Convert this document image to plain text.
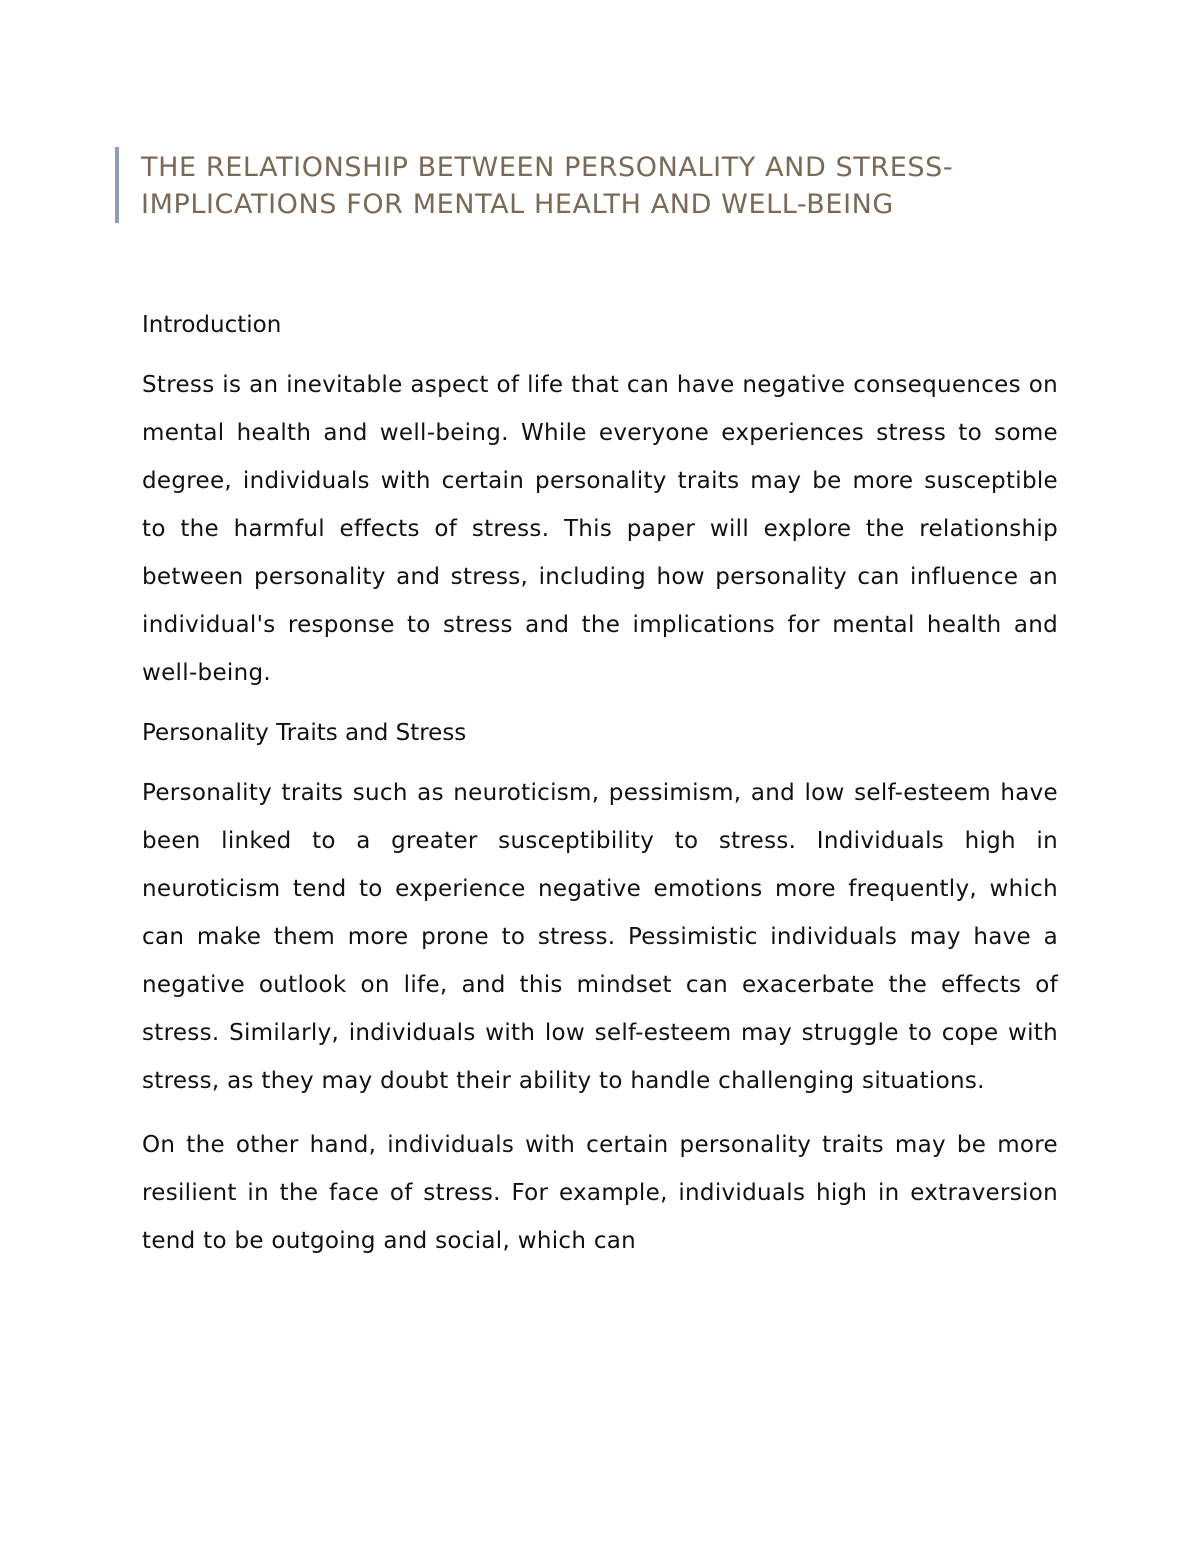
THE RELATIONSHIP BETWEEN PERSONALITY AND STRESS- IMPLICATIONS FOR MENTAL HEALTH AND WELL-BEING
Introduction

Stress is an inevitable aspect of life that can have negative consequences on mental health and well-being. While everyone experiences stress to some degree, individuals with certain personality traits may be more susceptible to the harmful effects of stress. This paper will explore the relationship between personality and stress, including how personality can influence an individual's response to stress and the implications for mental health and well-being.

Personality Traits and Stress

Personality traits such as neuroticism, pessimism, and low self-esteem have been linked to a greater susceptibility to stress. Individuals high in neuroticism tend to experience negative emotions more frequently, which can make them more prone to stress. Pessimistic individuals may have a negative outlook on life, and this mindset can exacerbate the effects of stress. Similarly, individuals with low self-esteem may struggle to cope with stress, as they may doubt their ability to handle challenging situations.

On the other hand, individuals with certain personality traits may be more resilient in the face of stress. For example, individuals high in extraversion tend to be outgoing and social, which can
